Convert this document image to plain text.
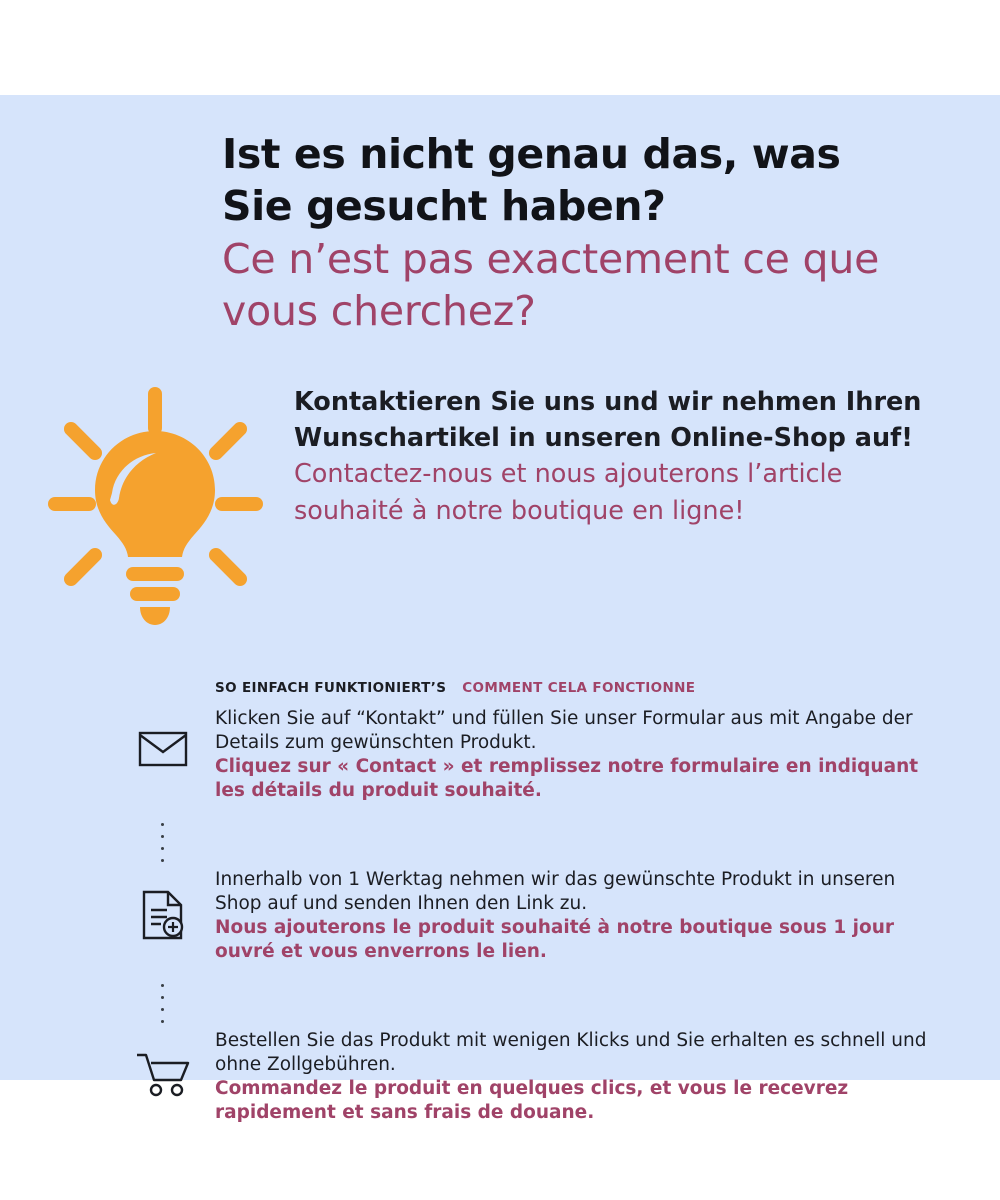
Ist es nicht genau das, was Sie gesucht haben?
Ce n’est pas exactement ce que vous cherchez?

Kontaktieren Sie uns und wir nehmen Ihren Wunschartikel in unseren Online-Shop auf!

Contactez-nous et nous ajouterons l’article souhaité à notre boutique en ligne!

SO EINFACH FUNKTIONIERT’S COMMENT CELA FONCTIONNE

Klicken Sie auf “Kontakt” und füllen Sie unser Formular aus mit Angabe der Details zum gewünschten Produkt.

Cliquez sur « Contact » et remplissez notre formulaire en indiquant les détails du produit souhaité.

Innerhalb von 1 Werktag nehmen wir das gewünschte Produkt in unseren Shop auf und senden Ihnen den Link zu.

Nous ajouterons le produit souhaité à notre boutique sous 1 jour ouvré et vous enverrons le lien.

Bestellen Sie das Produkt mit wenigen Klicks und Sie erhalten es schnell und ohne Zollgebühren.

Commandez le produit en quelques clics, et vous le recevrez rapidement et sans frais de douane.
